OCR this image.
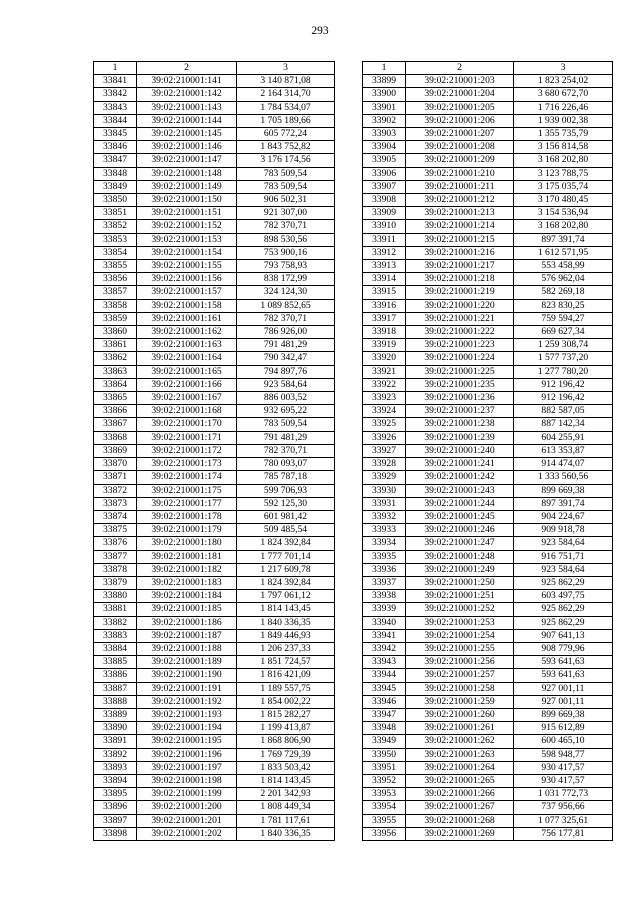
293
1	2	3
33841	39:02:210001:141	3 140 871,08
33842	39:02:210001:142	2 164 314,70
33843	39:02:210001:143	1 784 534,07
33844	39:02:210001:144	1 705 189,66
33845	39:02:210001:145	605 772,24
33846	39:02:210001:146	1 843 752,82
33847	39:02:210001:147	3 176 174,56
33848	39:02:210001:148	783 509,54
33849	39:02:210001:149	783 509,54
33850	39:02:210001:150	906 502,31
33851	39:02:210001:151	921 307,00
33852	39:02:210001:152	782 370,71
33853	39:02:210001:153	898 530,56
33854	39:02:210001:154	753 900,16
33855	39:02:210001:155	793 758,93
33856	39:02:210001:156	838 172,99
33857	39:02:210001:157	324 124,30
33858	39:02:210001:158	1 089 852,65
33859	39:02:210001:161	782 370,71
33860	39:02:210001:162	786 926,00
33861	39:02:210001:163	791 481,29
33862	39:02:210001:164	790 342,47
33863	39:02:210001:165	794 897,76
33864	39:02:210001:166	923 584,64
33865	39:02:210001:167	886 003,52
33866	39:02:210001:168	932 695,22
33867	39:02:210001:170	783 509,54
33868	39:02:210001:171	791 481,29
33869	39:02:210001:172	782 370,71
33870	39:02:210001:173	780 093,07
33871	39:02:210001:174	785 787,18
33872	39:02:210001:175	599 706,93
33873	39:02:210001:177	592 125,30
33874	39:02:210001:178	601 981,42
33875	39:02:210001:179	509 485,54
33876	39:02:210001:180	1 824 392,84
33877	39:02:210001:181	1 777 701,14
33878	39:02:210001:182	1 217 609,78
33879	39:02:210001:183	1 824 392,84
33880	39:02:210001:184	1 797 061,12
33881	39:02:210001:185	1 814 143,45
33882	39:02:210001:186	1 840 336,35
33883	39:02:210001:187	1 849 446,93
33884	39:02:210001:188	1 206 237,33
33885	39:02:210001:189	1 851 724,57
33886	39:02:210001:190	1 816 421,09
33887	39:02:210001:191	1 189 557,75
33888	39:02:210001:192	1 854 002,22
33889	39:02:210001:193	1 815 282,27
33890	39:02:210001:194	1 199 413,87
33891	39:02:210001:195	1 868 806,90
33892	39:02:210001:196	1 769 729,39
33893	39:02:210001:197	1 833 503,42
33894	39:02:210001:198	1 814 143,45
33895	39:02:210001:199	2 201 342,93
33896	39:02:210001:200	1 808 449,34
33897	39:02:210001:201	1 781 117,61
33898	39:02:210001:202	1 840 336,35
1	2	3
33899	39:02:210001:203	1 823 254,02
33900	39:02:210001:204	3 680 672,70
33901	39:02:210001:205	1 716 226,46
33902	39:02:210001:206	1 939 002,38
33903	39:02:210001:207	1 355 735,79
33904	39:02:210001:208	3 156 814,58
33905	39:02:210001:209	3 168 202,80
33906	39:02:210001:210	3 123 788,75
33907	39:02:210001:211	3 175 035,74
33908	39:02:210001:212	3 170 480,45
33909	39:02:210001:213	3 154 536,94
33910	39:02:210001:214	3 168 202,80
33911	39:02:210001:215	897 391,74
33912	39:02:210001:216	1 612 571,95
33913	39:02:210001:217	553 458,99
33914	39:02:210001:218	576 962,04
33915	39:02:210001:219	582 269,18
33916	39:02:210001:220	823 830,25
33917	39:02:210001:221	759 594,27
33918	39:02:210001:222	669 627,34
33919	39:02:210001:223	1 259 308,74
33920	39:02:210001:224	1 577 737,20
33921	39:02:210001:225	1 277 780,20
33922	39:02:210001:235	912 196,42
33923	39:02:210001:236	912 196,42
33924	39:02:210001:237	882 587,05
33925	39:02:210001:238	887 142,34
33926	39:02:210001:239	604 255,91
33927	39:02:210001:240	613 353,87
33928	39:02:210001:241	914 474,07
33929	39:02:210001:242	1 333 560,56
33930	39:02:210001:243	899 669,38
33931	39:02:210001:244	897 391,74
33932	39:02:210001:245	904 224,67
33933	39:02:210001:246	909 918,78
33934	39:02:210001:247	923 584,64
33935	39:02:210001:248	916 751,71
33936	39:02:210001:249	923 584,64
33937	39:02:210001:250	925 862,29
33938	39:02:210001:251	603 497,75
33939	39:02:210001:252	925 862,29
33940	39:02:210001:253	925 862,29
33941	39:02:210001:254	907 641,13
33942	39:02:210001:255	908 779,96
33943	39:02:210001:256	593 641,63
33944	39:02:210001:257	593 641,63
33945	39:02:210001:258	927 001,11
33946	39:02:210001:259	927 001,11
33947	39:02:210001:260	899 669,38
33948	39:02:210001:261	915 612,89
33949	39:02:210001:262	600 465,10
33950	39:02:210001:263	598 948,77
33951	39:02:210001:264	930 417,57
33952	39:02:210001:265	930 417,57
33953	39:02:210001:266	1 031 772,73
33954	39:02:210001:267	737 956,66
33955	39:02:210001:268	1 077 325,61
33956	39:02:210001:269	756 177,81
